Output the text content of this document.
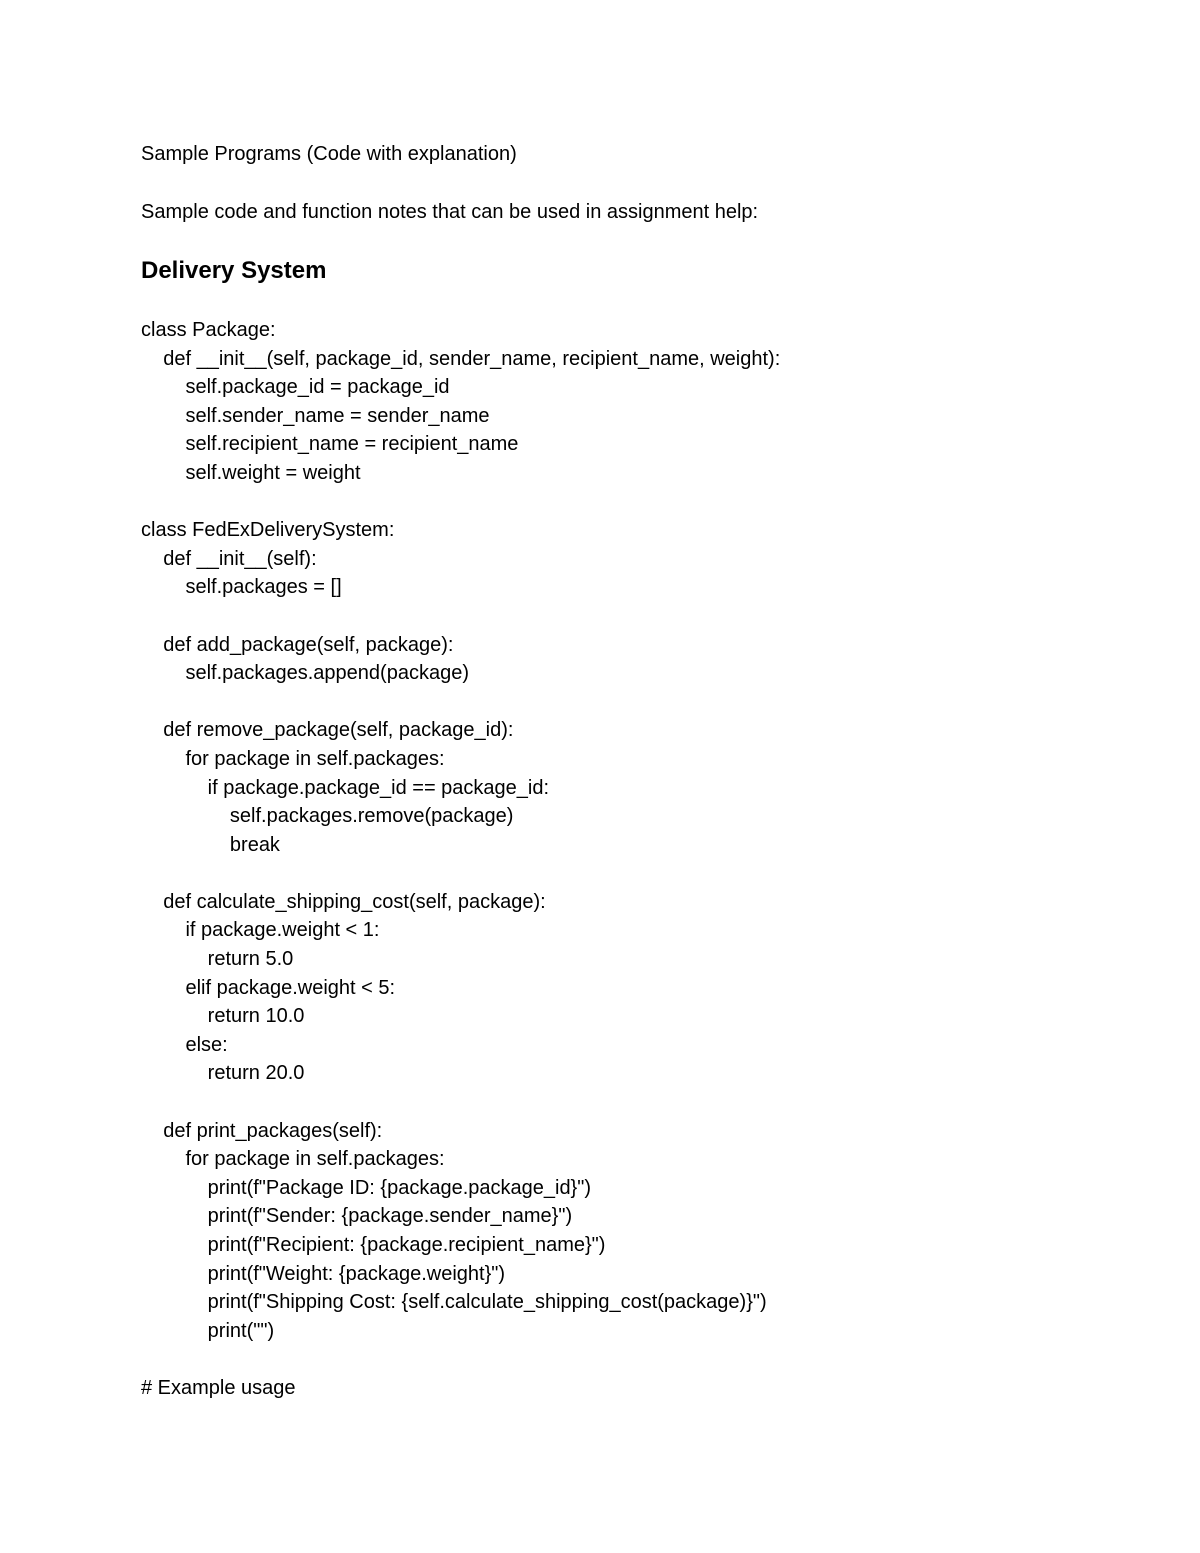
Sample Programs (Code with explanation)
Sample code and function notes that can be used in assignment help:
Delivery System
class Package:
def __init__(self, package_id, sender_name, recipient_name, weight):
self.package_id = package_id
self.sender_name = sender_name
self.recipient_name = recipient_name
self.weight = weight
class FedExDeliverySystem:
def __init__(self):
self.packages = []
def add_package(self, package):
self.packages.append(package)
def remove_package(self, package_id):
for package in self.packages:
if package.package_id == package_id:
self.packages.remove(package)
break
def calculate_shipping_cost(self, package):
if package.weight < 1:
return 5.0
elif package.weight < 5:
return 10.0
else:
return 20.0
def print_packages(self):
for package in self.packages:
print(f"Package ID: {package.package_id}")
print(f"Sender: {package.sender_name}")
print(f"Recipient: {package.recipient_name}")
print(f"Weight: {package.weight}")
print(f"Shipping Cost: {self.calculate_shipping_cost(package)}")
print("")
# Example usage
